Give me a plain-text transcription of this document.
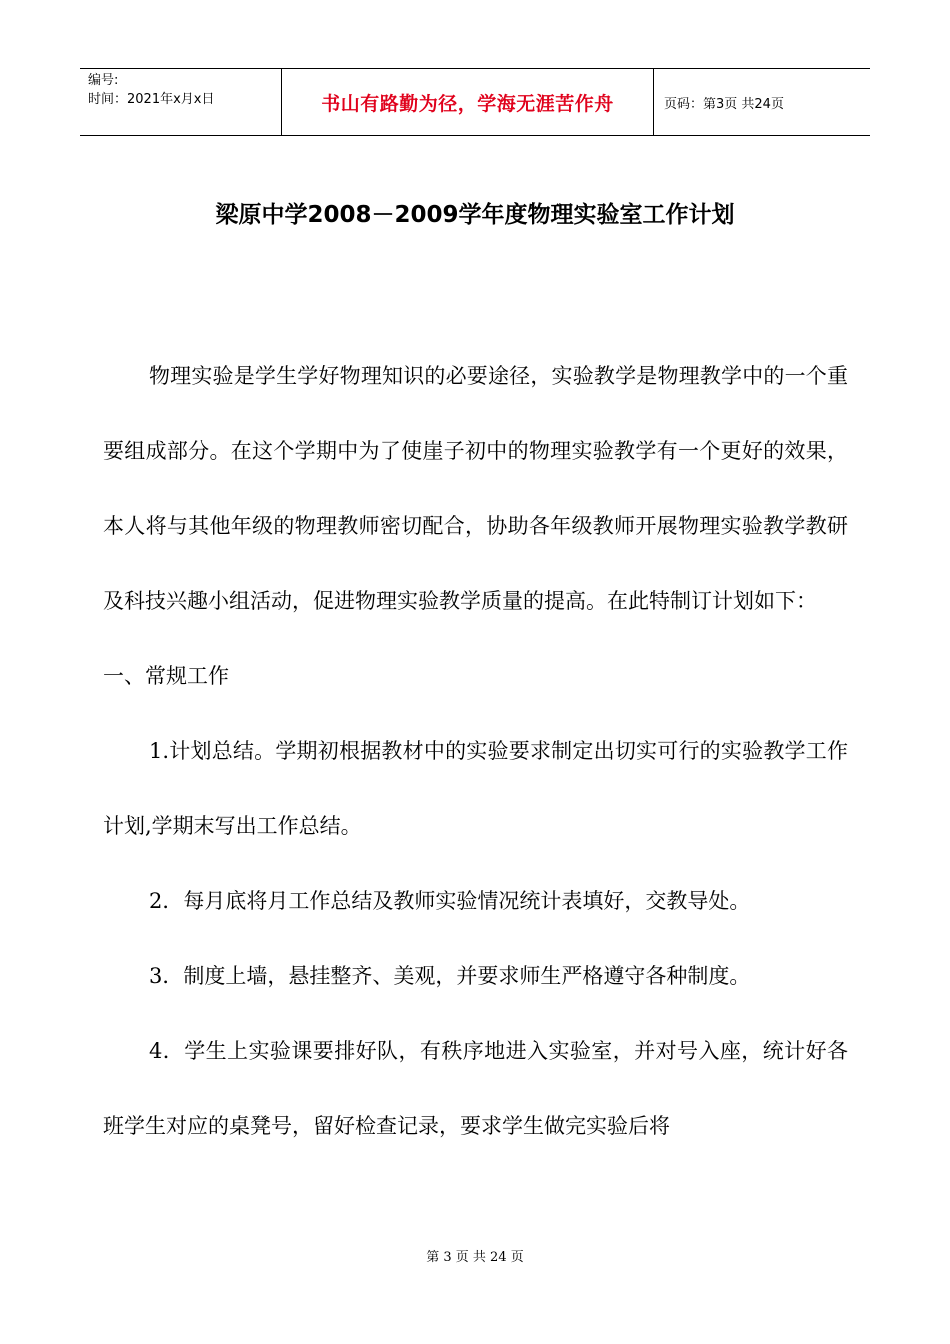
编号:
时间：2021年x月x日	书山有路勤为径，学海无涯苦作舟	页码：第3页 共24页
梁原中学2008－2009学年度物理实验室工作计划

物理实验是学生学好物理知识的必要途径，实验教学是物理教学中的一个重要组成部分。在这个学期中为了使崖子初中的物理实验教学有一个更好的效果，本人将与其他年级的物理教师密切配合，协助各年级教师开展物理实验教学教研及科技兴趣小组活动，促进物理实验教学质量的提高。在此特制订计划如下：

一、常规工作

1.计划总结。学期初根据教材中的实验要求制定出切实可行的实验教学工作计划,学期末写出工作总结。

2．每月底将月工作总结及教师实验情况统计表填好，交教导处。

3．制度上墙，悬挂整齐、美观，并要求师生严格遵守各种制度。

4．学生上实验课要排好队，有秩序地进入实验室，并对号入座，统计好各班学生对应的桌凳号，留好检查记录，要求学生做完实验后将

第 3 页 共 24 页
